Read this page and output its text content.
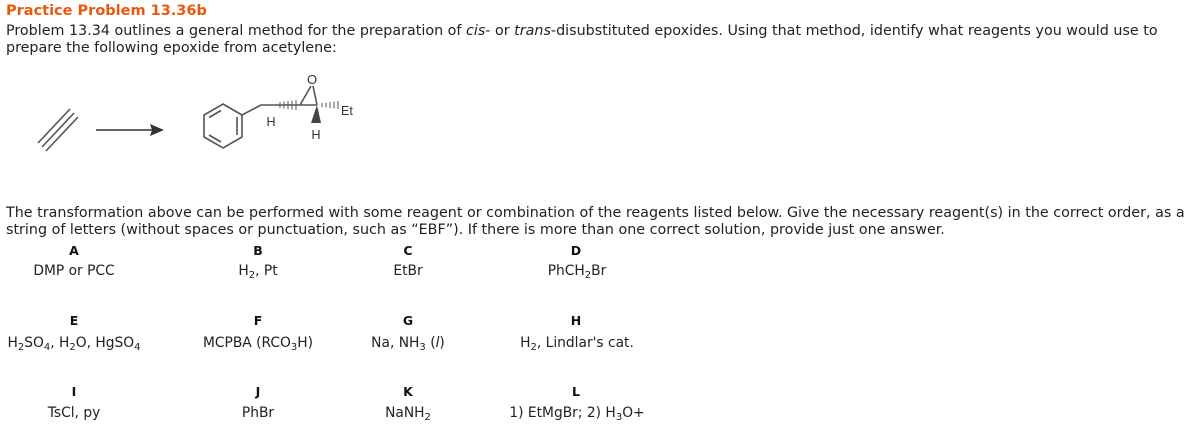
Practice Problem 13.36b
Problem 13.34 outlines a general method for the preparation of cis- or trans-disubstituted epoxides. Using that method, identify what reagents you would use to prepare the following epoxide from acetylene:
O
H
Et
H
The transformation above can be performed with some reagent or combination of the reagents listed below. Give the necessary reagent(s) in the correct order, as a string of letters (without spaces or punctuation, such as “EBF”). If there is more than one correct solution, provide just one answer.
A	B	C	D
DMP or PCC	$H_2$, Pt	EtBr	PhCH$_2$Br
E	F	G	H
$H_2SO_4$, $H_2O$, HgSO$_4$	MCPBA $(RCO_3H)$	Na, $NH_3$ (l)	$H_2$, Lindlar's cat.
I	J	K	L
TsCl, py	PhBr	NaNH$_2$	1) EtMgBr; 2) $H_3O+$
